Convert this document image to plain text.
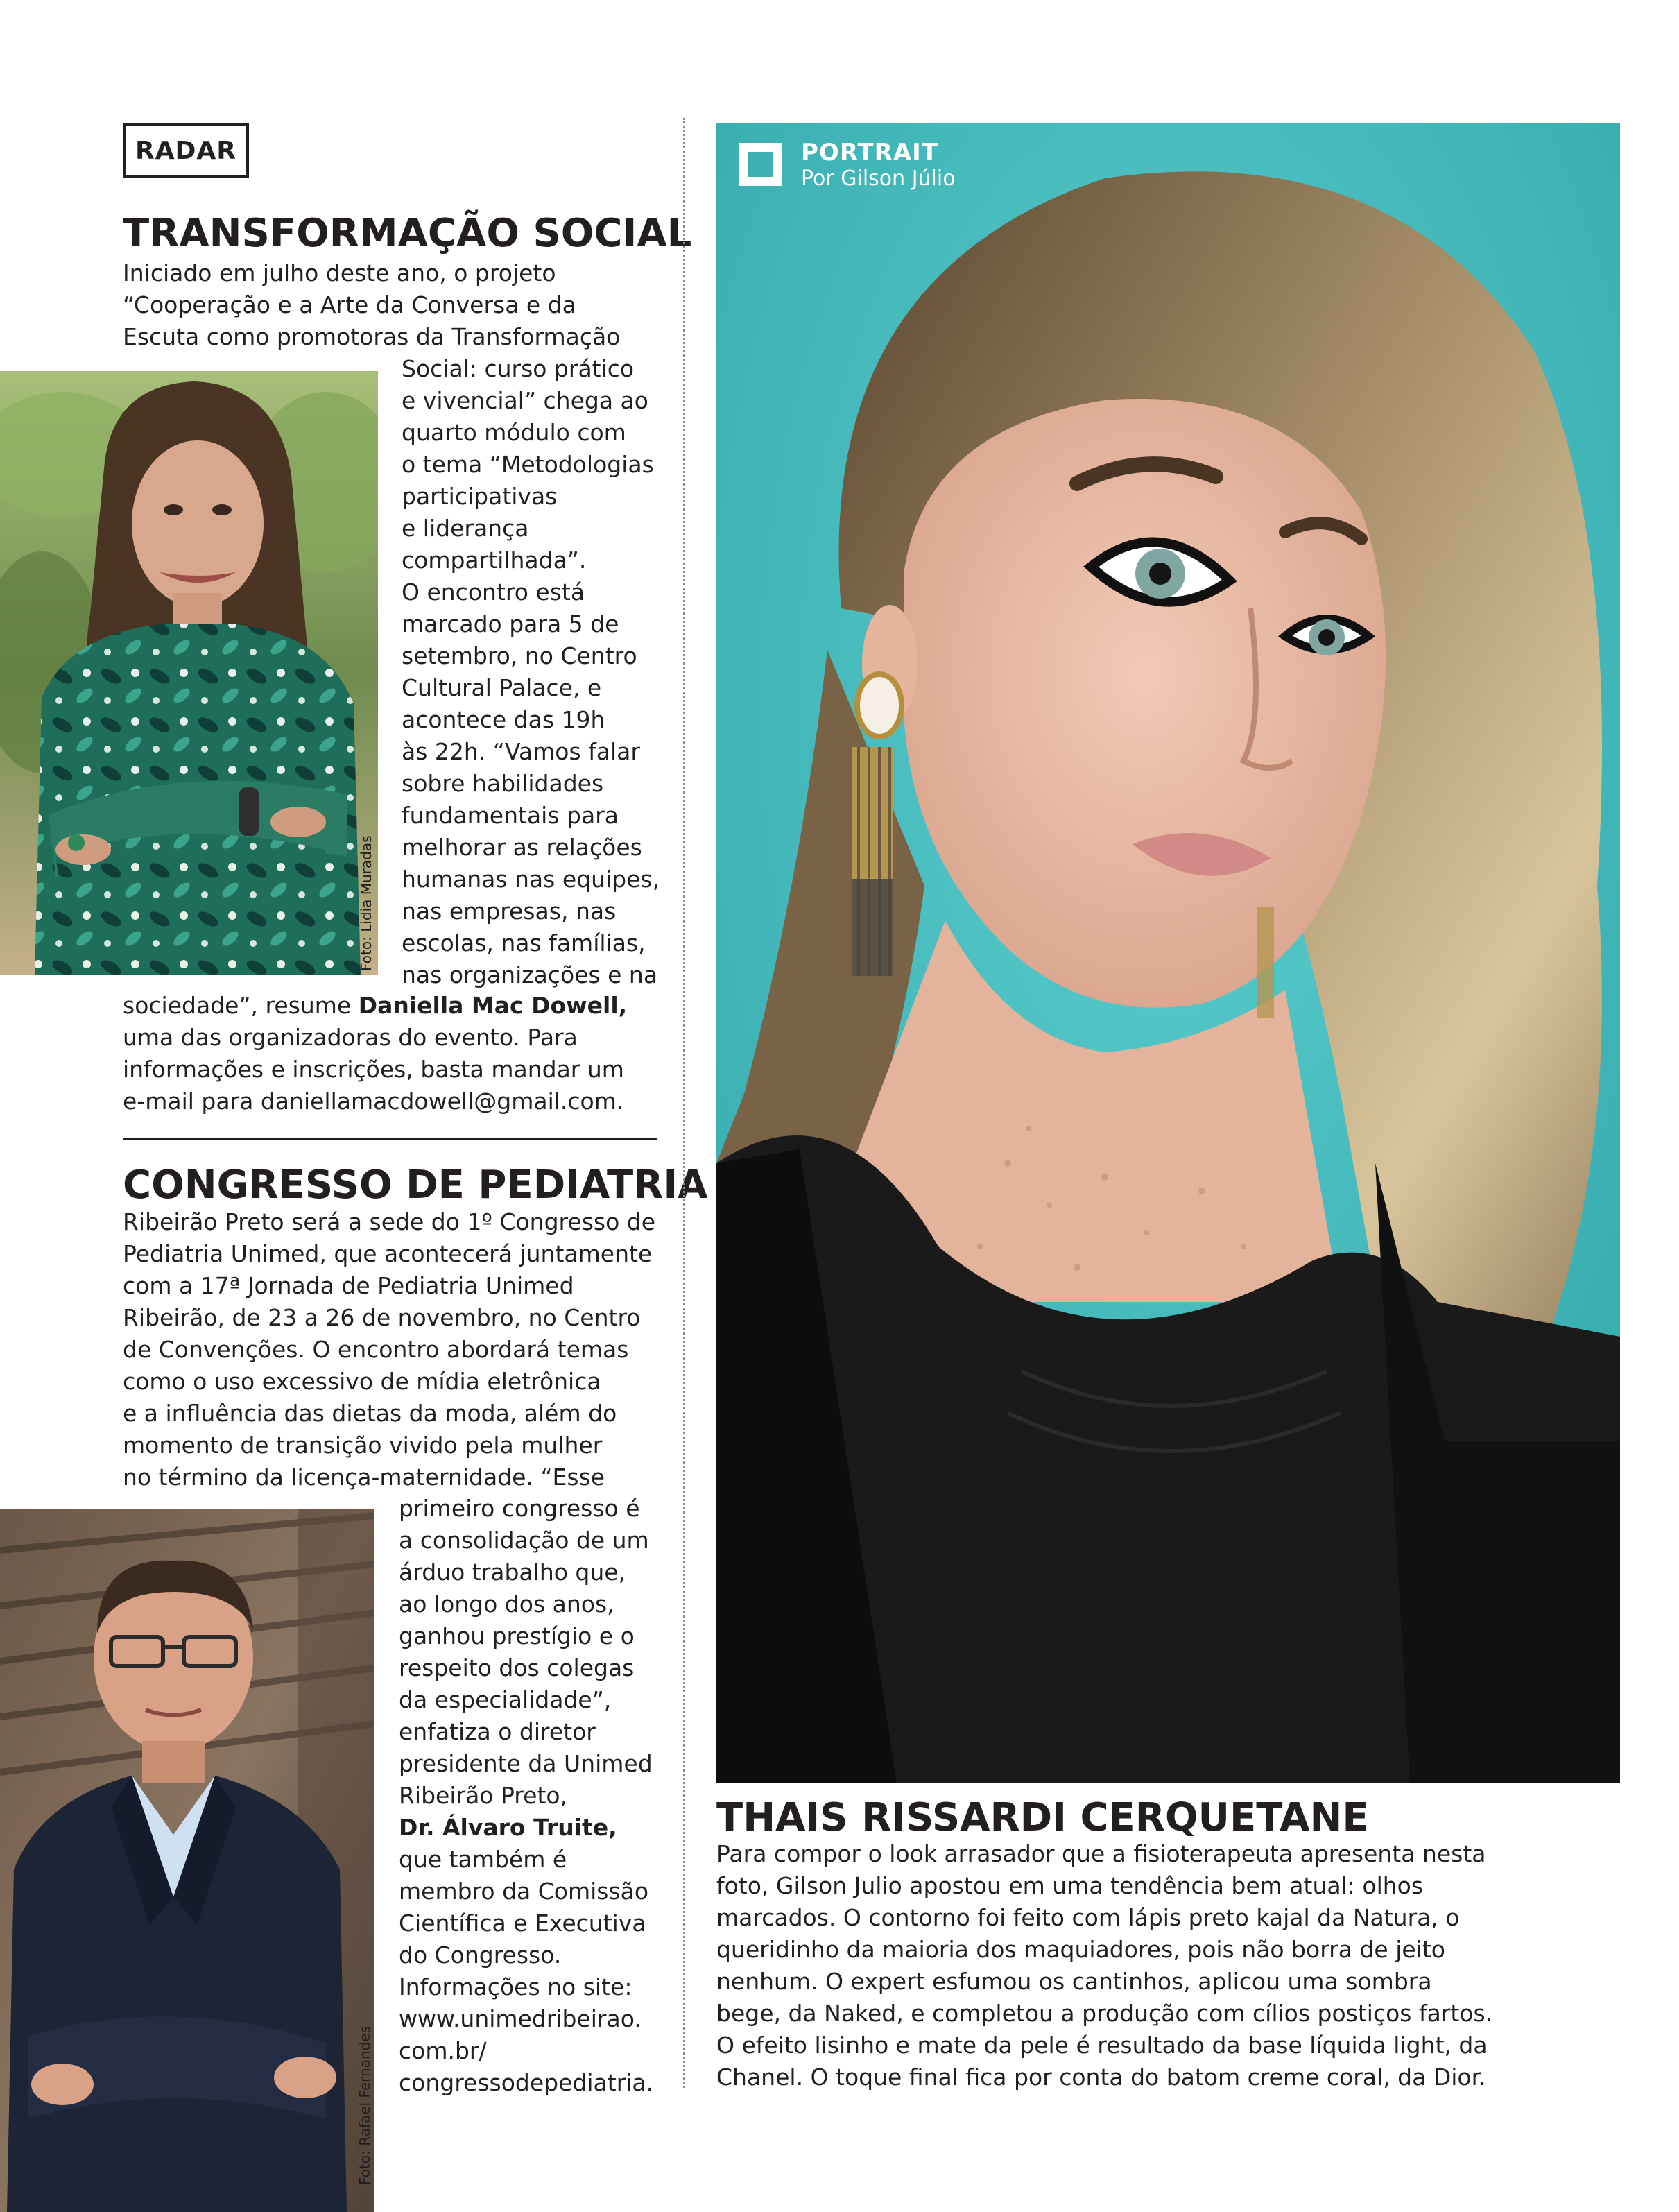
RADAR
TRANSFORMAÇÃO SOCIAL
Iniciado em julho deste ano, o projeto
“Cooperação e a Arte da Conversa e da
Escuta como promotoras da Transformação
Foto: Lidia Muradas
Social: curso prático
e vivencial” chega ao
quarto módulo com
o tema “Metodologias
participativas
e liderança
compartilhada”.
O encontro está
marcado para 5 de
setembro, no Centro
Cultural Palace, e
acontece das 19h
às 22h. “Vamos falar
sobre habilidades
fundamentais para
melhorar as relações
humanas nas equipes,
nas empresas, nas
escolas, nas famílias,
nas organizações e na
sociedade”, resume Daniella Mac Dowell,
uma das organizadoras do evento. Para
informações e inscrições, basta mandar um
e-mail para daniellamacdowell@gmail.com.
CONGRESSO DE PEDIATRIA
Ribeirão Preto será a sede do 1º Congresso de
Pediatria Unimed, que acontecerá juntamente
com a 17ª Jornada de Pediatria Unimed
Ribeirão, de 23 a 26 de novembro, no Centro
de Convenções. O encontro abordará temas
como o uso excessivo de mídia eletrônica
e a influência das dietas da moda, além do
momento de transição vivido pela mulher
no término da licença-maternidade. “Esse
Foto: Rafael Fernandes
primeiro congresso é
a consolidação de um
árduo trabalho que,
ao longo dos anos,
ganhou prestígio e o
respeito dos colegas
da especialidade”,
enfatiza o diretor
presidente da Unimed
Ribeirão Preto,
Dr. Álvaro Truite,
que também é
membro da Comissão
Científica e Executiva
do Congresso.
Informações no site:
www.unimedribeirao.
com.br/
congressodepediatria.
PORTRAIT
Por Gilson Júlio
THAIS RISSARDI CERQUETANE
Para compor o look arrasador que a fisioterapeuta apresenta nesta
foto, Gilson Julio apostou em uma tendência bem atual: olhos
marcados. O contorno foi feito com lápis preto kajal da Natura, o
queridinho da maioria dos maquiadores, pois não borra de jeito
nenhum. O expert esfumou os cantinhos, aplicou uma sombra
bege, da Naked, e completou a produção com cílios postiços fartos.
O efeito lisinho e mate da pele é resultado da base líquida light, da
Chanel. O toque final fica por conta do batom creme coral, da Dior.
